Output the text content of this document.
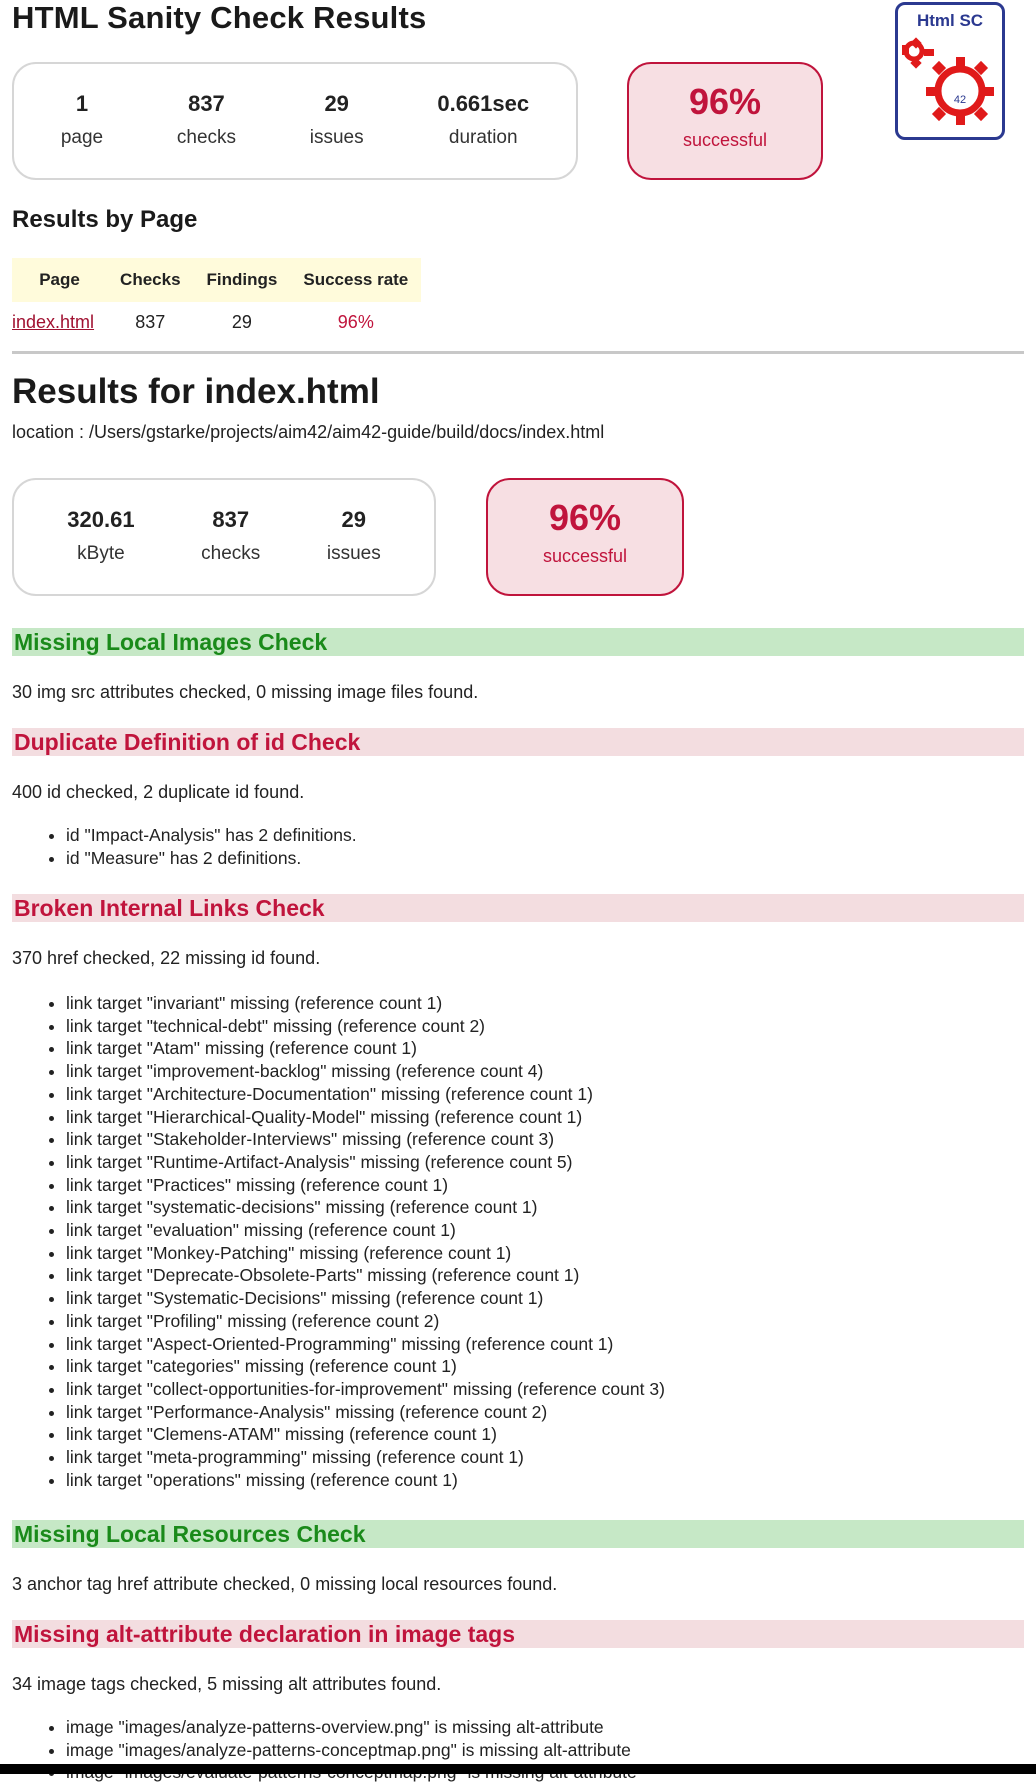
HTML Sanity Check Results
1
page
837
checks
29
issues
0.661sec
duration
96%
successful
Html SC
42
Results by Page
Page	Checks	Findings	Success rate
index.html	837	29	96%
Results for index.html
location : /Users/gstarke/projects/aim42/aim42-guide/build/docs/index.html
320.61
kByte
837
checks
29
issues
96%
successful
Missing Local Images Check
30 img src attributes checked, 0 missing image files found.
Duplicate Definition of id Check
400 id checked, 2 duplicate id found.
• id "Impact-Analysis" has 2 definitions.
• id "Measure" has 2 definitions.
Broken Internal Links Check
370 href checked, 22 missing id found.
• link target "invariant" missing (reference count 1)
• link target "technical-debt" missing (reference count 2)
• link target "Atam" missing (reference count 1)
• link target "improvement-backlog" missing (reference count 4)
• link target "Architecture-Documentation" missing (reference count 1)
• link target "Hierarchical-Quality-Model" missing (reference count 1)
• link target "Stakeholder-Interviews" missing (reference count 3)
• link target "Runtime-Artifact-Analysis" missing (reference count 5)
• link target "Practices" missing (reference count 1)
• link target "systematic-decisions" missing (reference count 1)
• link target "evaluation" missing (reference count 1)
• link target "Monkey-Patching" missing (reference count 1)
• link target "Deprecate-Obsolete-Parts" missing (reference count 1)
• link target "Systematic-Decisions" missing (reference count 1)
• link target "Profiling" missing (reference count 2)
• link target "Aspect-Oriented-Programming" missing (reference count 1)
• link target "categories" missing (reference count 1)
• link target "collect-opportunities-for-improvement" missing (reference count 3)
• link target "Performance-Analysis" missing (reference count 2)
• link target "Clemens-ATAM" missing (reference count 1)
• link target "meta-programming" missing (reference count 1)
• link target "operations" missing (reference count 1)
Missing Local Resources Check
3 anchor tag href attribute checked, 0 missing local resources found.
Missing alt-attribute declaration in image tags
34 image tags checked, 5 missing alt attributes found.
• image "images/analyze-patterns-overview.png" is missing alt-attribute
• image "images/analyze-patterns-conceptmap.png" is missing alt-attribute
•
